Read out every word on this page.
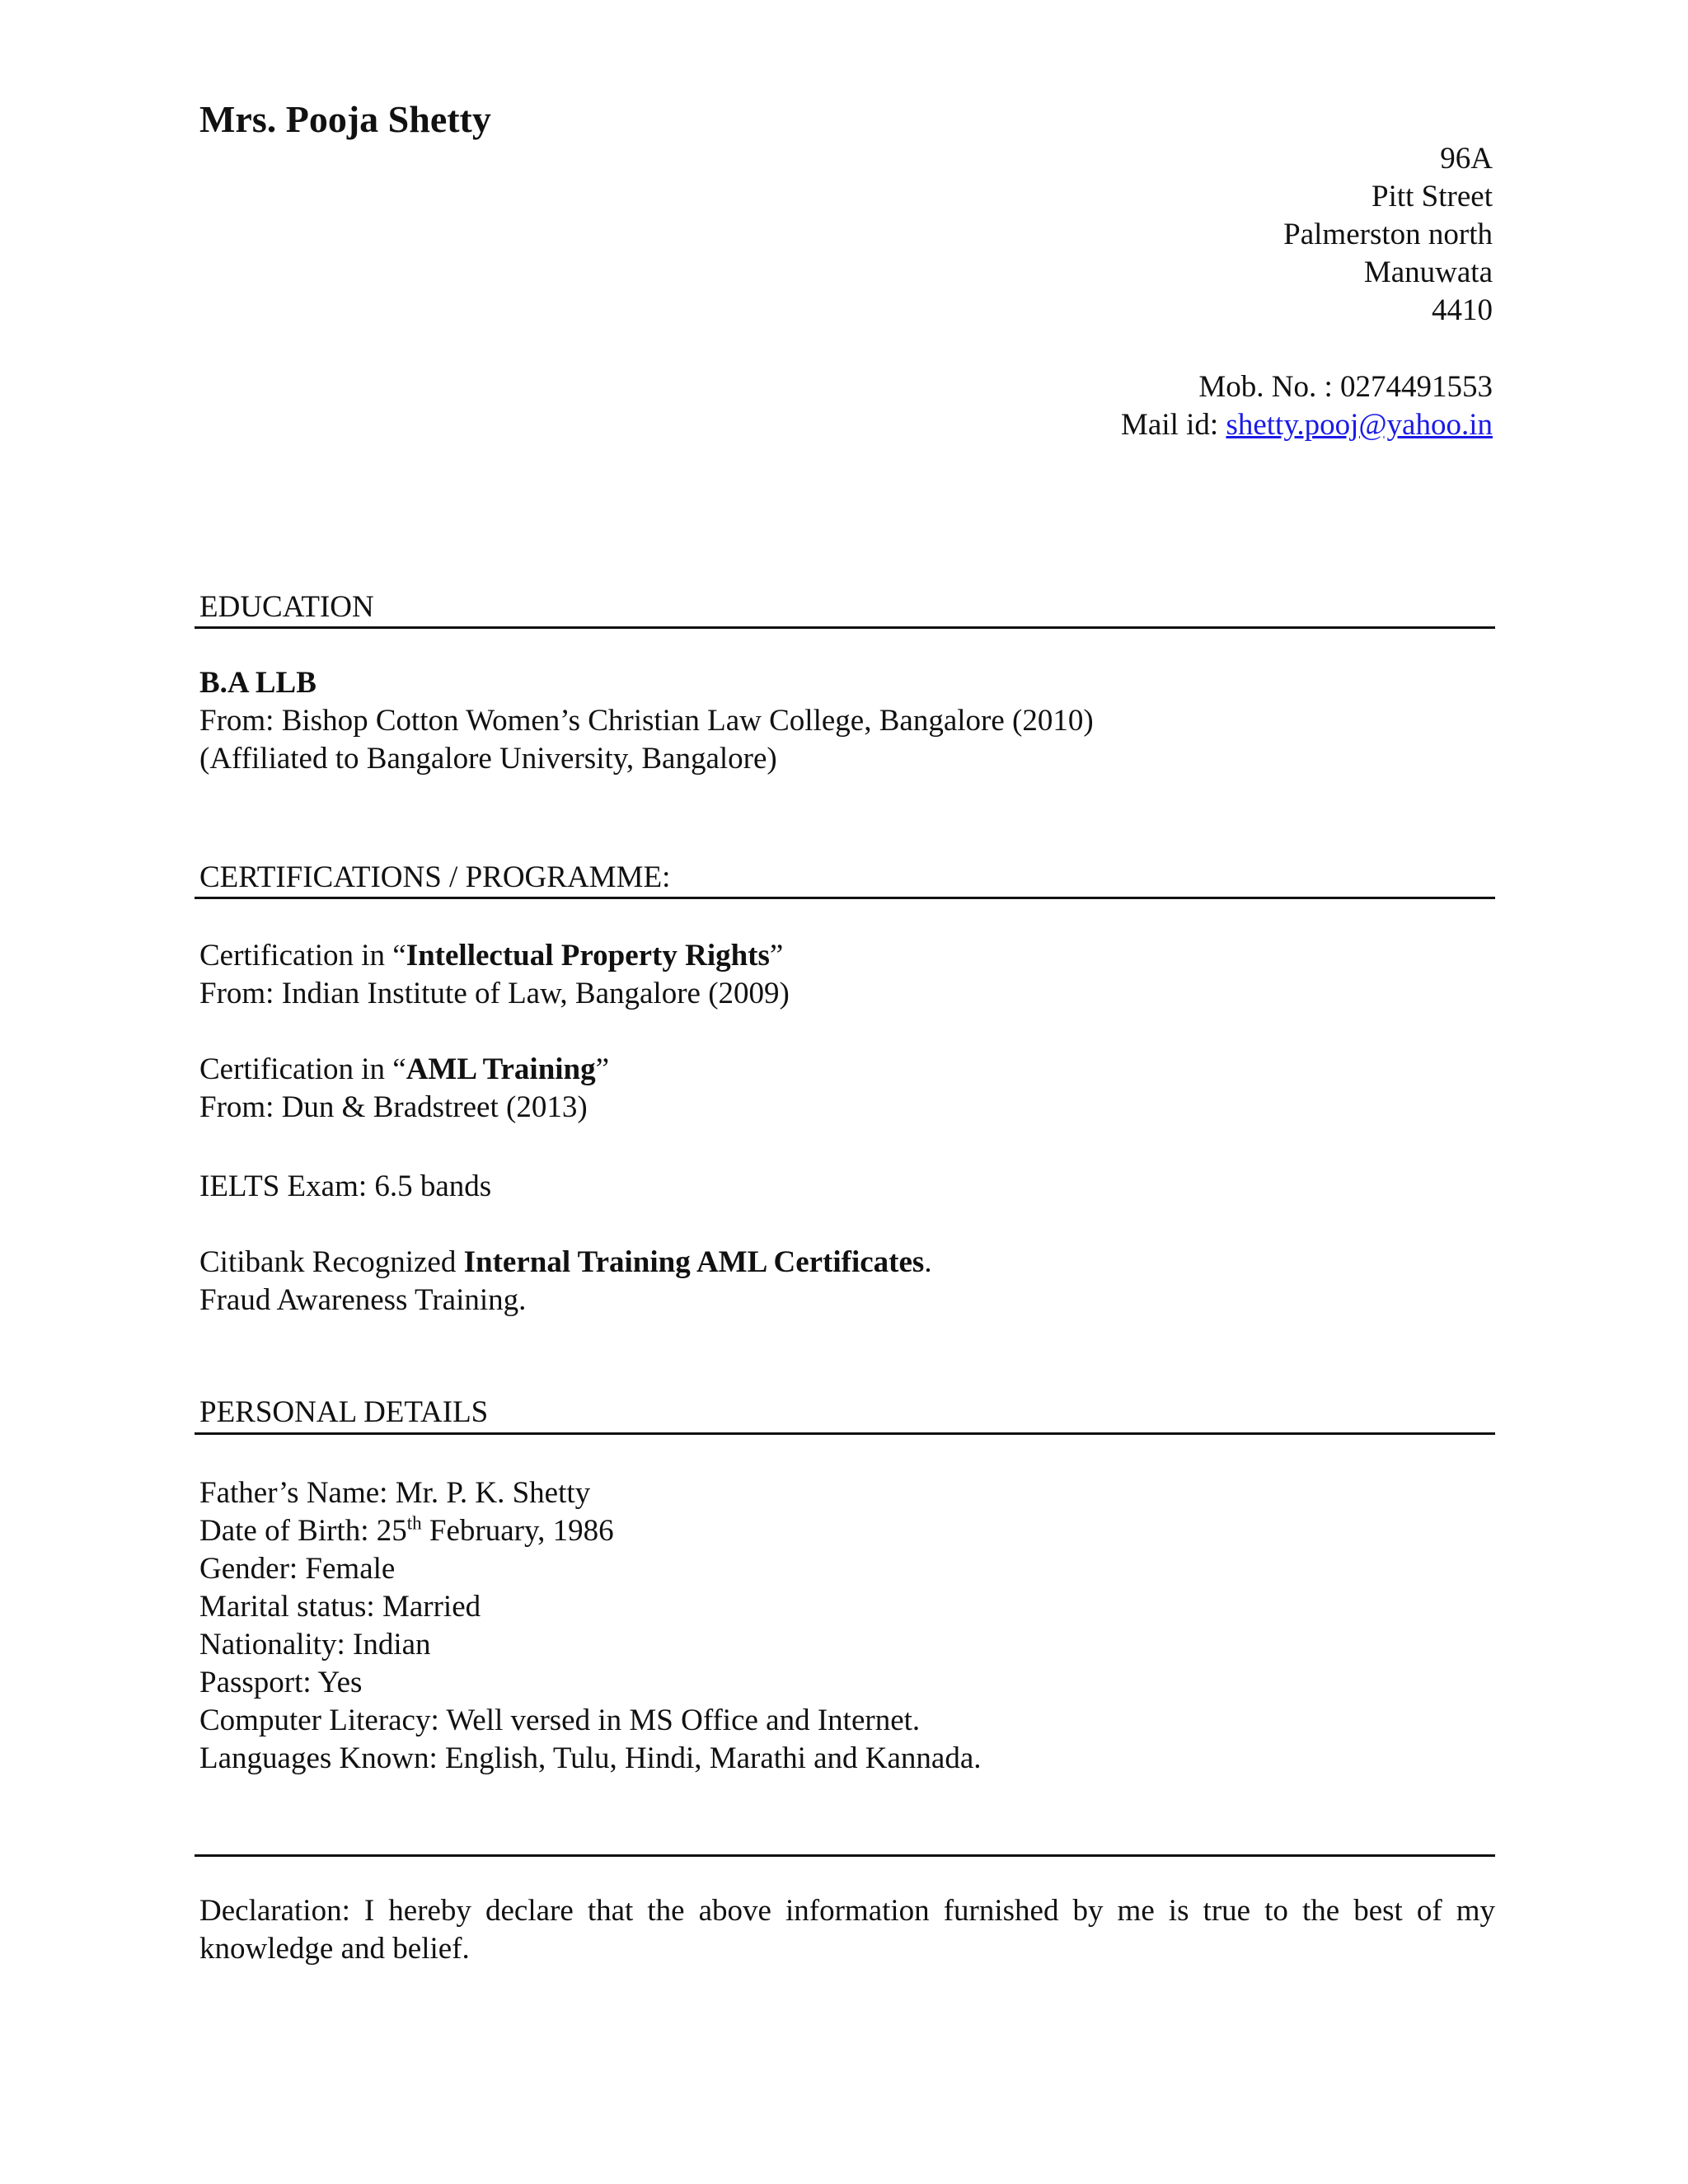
Mrs. Pooja Shetty
96A
Pitt Street
Palmerston north
Manuwata
4410
Mob. No. : 0274491553
Mail id: shetty.pooj@yahoo.in
EDUCATION
B.A LLB
From: Bishop Cotton Women’s Christian Law College, Bangalore (2010)
(Affiliated to Bangalore University, Bangalore)
CERTIFICATIONS / PROGRAMME:
Certification in “Intellectual Property Rights”
From: Indian Institute of Law, Bangalore (2009)
Certification in “AML Training”
From: Dun & Bradstreet (2013)
IELTS Exam: 6.5 bands
Citibank Recognized Internal Training AML Certificates.
Fraud Awareness Training.
PERSONAL DETAILS
Father’s Name: Mr. P. K. Shetty
Date of Birth: 25th February, 1986
Gender: Female
Marital status: Married
Nationality: Indian
Passport: Yes
Computer Literacy: Well versed in MS Office and Internet.
Languages Known: English, Tulu, Hindi, Marathi and Kannada.
Declaration: I hereby declare that the above information furnished by me is true to the best of my knowledge and belief.
